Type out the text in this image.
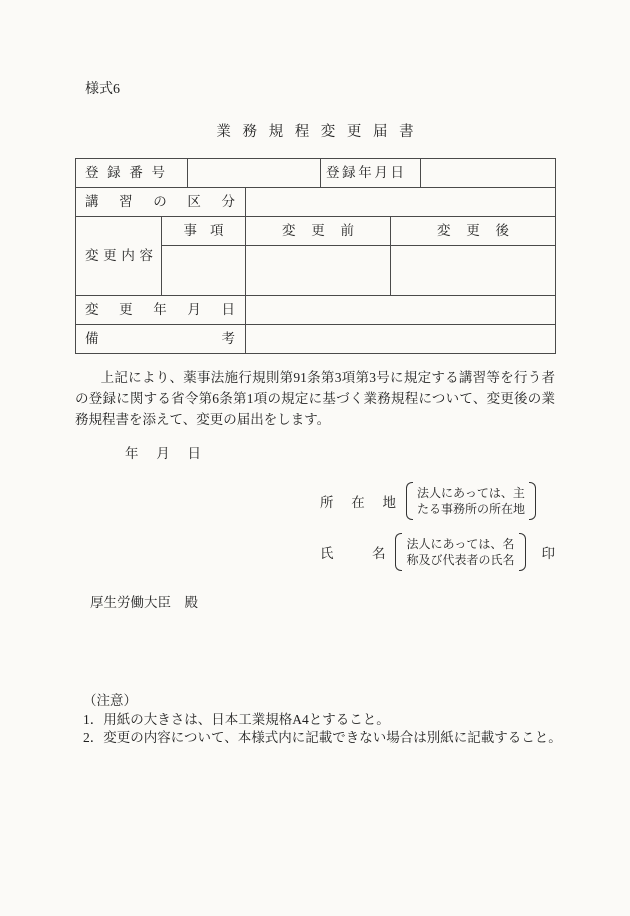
様式6
業務規程変更届書
登録番号				登録年月日		
講習の区分						
変更内容	事項		変更前		変更後	

変更年月日						
備考						

上記により、薬事法施行規則第91条第3項第3号に規定する講習等を行う者の登録に関する省令第6条第1項の規定に基づく業務規程について、変更後の業務規程書を添えて、変更の届出をします。

年月日
所在地
法人にあっては、主
たる事務所の所在地
氏名
法人にあっては、名
称及び代表者の氏名 印
厚生労働大臣　殿
（注意）
1．用紙の大きさは、日本工業規格A4とすること。
2．変更の内容について、本様式内に記載できない場合は別紙に記載すること。
